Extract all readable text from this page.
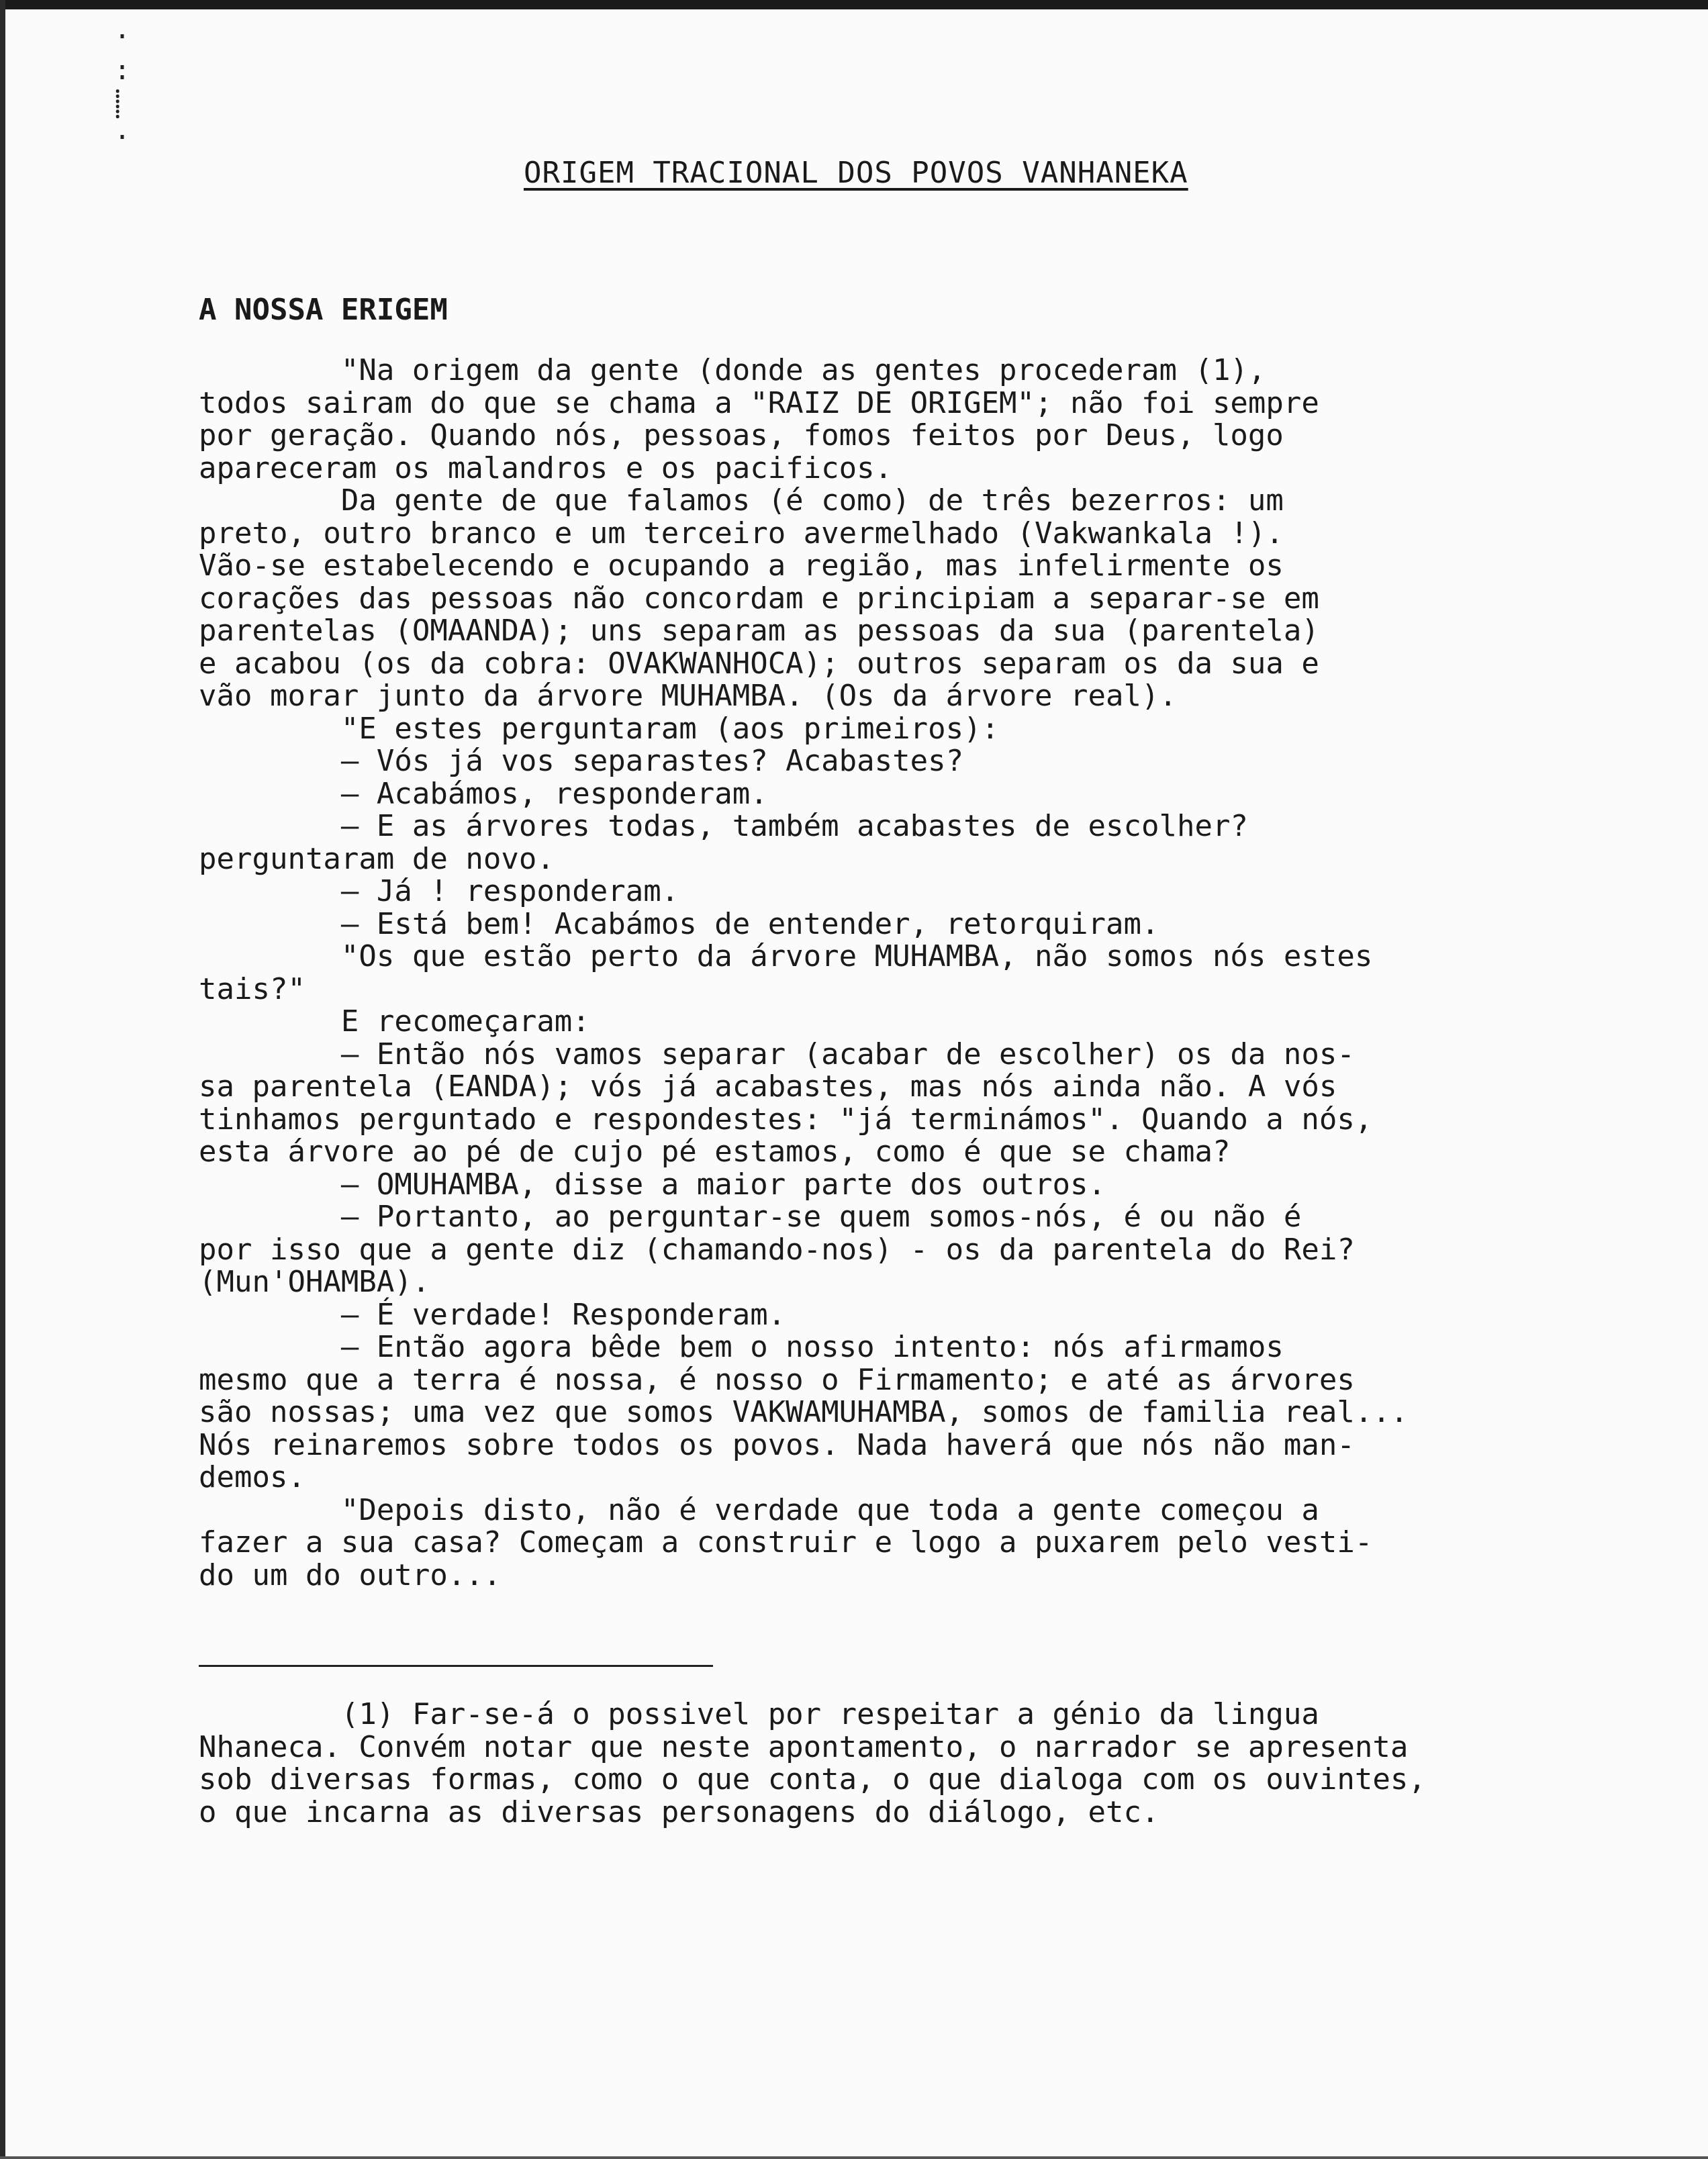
·
:
⸽
·
ORIGEM TRACIONAL DOS POVOS VANHANEKA
A NOSSA ERIGEM
"Na origem da gente (donde as gentes procederam (1),
todos sairam do que se chama a "RAIZ DE ORIGEM"; não foi sempre
por geração. Quando nós, pessoas, fomos feitos por Deus, logo
apareceram os malandros e os pacificos.
Da gente de que falamos (é como) de três bezerros: um
preto, outro branco e um terceiro avermelhado (Vakwankala !).
Vão-se estabelecendo e ocupando a região, mas infelirmente os
corações das pessoas não concordam e principiam a separar-se em
parentelas (OMAANDA); uns separam as pessoas da sua (parentela)
e acabou (os da cobra: OVAKWANHOCA); outros separam os da sua e
vão morar junto da árvore MUHAMBA. (Os da árvore real).
"E estes perguntaram (aos primeiros):
— Vós já vos separastes? Acabastes?
— Acabámos, responderam.
— E as árvores todas, também acabastes de escolher?
perguntaram de novo.
— Já ! responderam.
— Está bem! Acabámos de entender, retorquiram.
"Os que estão perto da árvore MUHAMBA, não somos nós estes
tais?"
E recomeçaram:
— Então nós vamos separar (acabar de escolher) os da nos-
sa parentela (EANDA); vós já acabastes, mas nós ainda não. A vós
tinhamos perguntado e respondestes: "já terminámos". Quando a nós,
esta árvore ao pé de cujo pé estamos, como é que se chama?
— OMUHAMBA, disse a maior parte dos outros.
— Portanto, ao perguntar-se quem somos-nós, é ou não é
por isso que a gente diz (chamando-nos) - os da parentela do Rei?
(Mun'OHAMBA).
— É verdade! Responderam.
— Então agora bêde bem o nosso intento: nós afirmamos
mesmo que a terra é nossa, é nosso o Firmamento; e até as árvores
são nossas; uma vez que somos VAKWAMUHAMBA, somos de familia real...
Nós reinaremos sobre todos os povos. Nada haverá que nós não man-
demos.
"Depois disto, não é verdade que toda a gente começou a
fazer a sua casa? Começam a construir e logo a puxarem pelo vesti-
do um do outro...
(1) Far-se-á o possivel por respeitar a génio da lingua
Nhaneca. Convém notar que neste apontamento, o narrador se apresenta
sob diversas formas, como o que conta, o que dialoga com os ouvintes,
o que incarna as diversas personagens do diálogo, etc.
